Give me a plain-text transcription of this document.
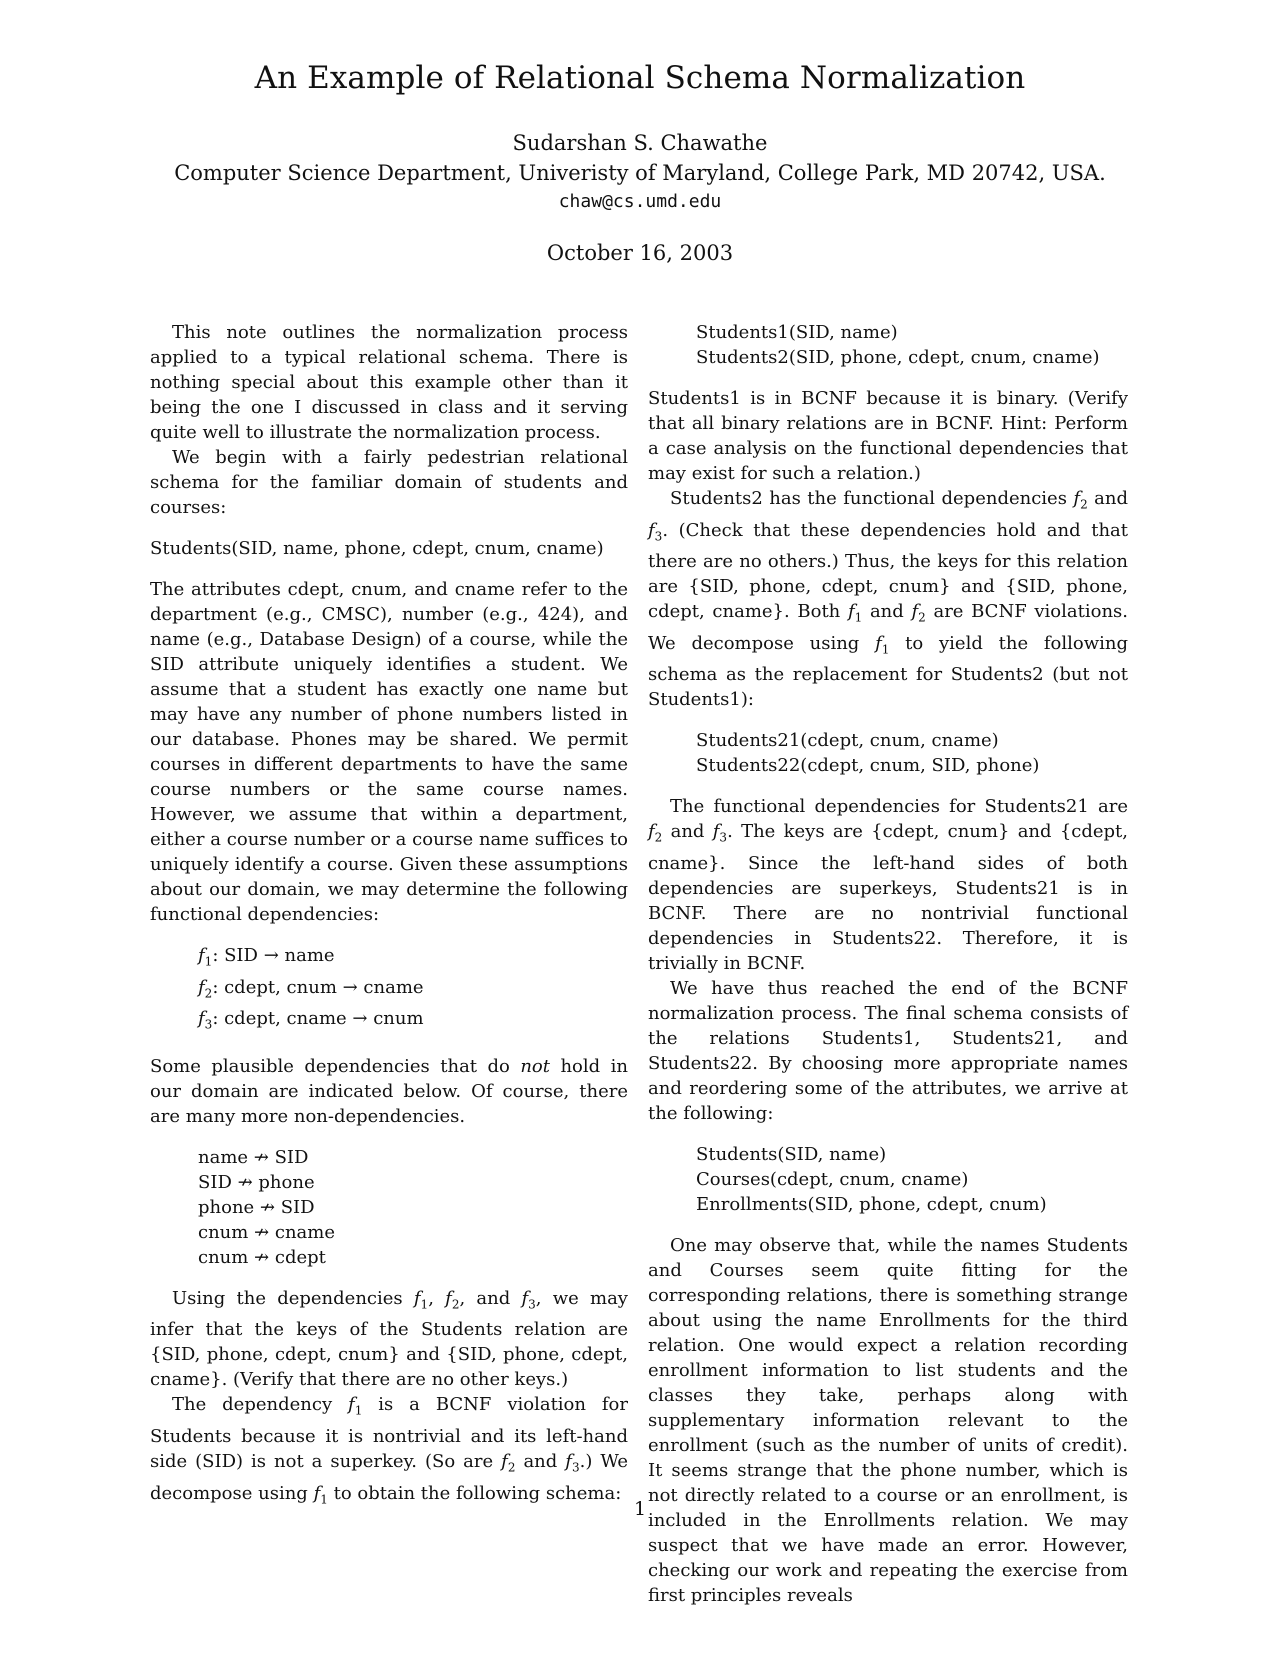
An Example of Relational Schema Normalization
Sudarshan S. Chawathe
Computer Science Department, Univeristy of Maryland, College Park, MD 20742, USA.
chaw@cs.umd.edu
October 16, 2003

This note outlines the normalization process applied to a typical relational schema. There is nothing special about this example other than it being the one I discussed in class and it serving quite well to illustrate the normalization process.

We begin with a fairly pedestrian relational schema for the familiar domain of students and courses:

Students(SID, name, phone, cdept, cnum, cname)

The attributes cdept, cnum, and cname refer to the department (e.g., CMSC), number (e.g., 424), and name (e.g., Database Design) of a course, while the SID attribute uniquely identifies a student. We assume that a student has exactly one name but may have any number of phone numbers listed in our database. Phones may be shared. We permit courses in different departments to have the same course numbers or the same course names. However, we assume that within a department, either a course number or a course name suffices to uniquely identify a course. Given these assumptions about our domain, we may determine the following functional dependencies:

$f_1$: SID → name

$f_2$: cdept, cnum → cname

$f_3$: cdept, cname → cnum

Some plausible dependencies that do not hold in our domain are indicated below. Of course, there are many more non-dependencies.

name ↛ SID

SID ↛ phone

phone ↛ SID

cnum ↛ cname

cnum ↛ cdept

Using the dependencies $f_1$, $f_2$, and $f_3$, we may infer that the keys of the Students relation are {SID, phone, cdept, cnum} and {SID, phone, cdept, cname}. (Verify that there are no other keys.)

The dependency $f_1$ is a BCNF violation for Students because it is nontrivial and its left-hand side (SID) is not a superkey. (So are $f_2$ and $f_3$.) We decompose using $f_1$ to obtain the following schema:

Students1(SID, name)

Students2(SID, phone, cdept, cnum, cname)

Students1 is in BCNF because it is binary. (Verify that all binary relations are in BCNF. Hint: Perform a case analysis on the functional dependencies that may exist for such a relation.)

Students2 has the functional dependencies $f_2$ and $f_3$. (Check that these dependencies hold and that there are no others.) Thus, the keys for this relation are {SID, phone, cdept, cnum} and {SID, phone, cdept, cname}. Both $f_1$ and $f_2$ are BCNF violations. We decompose using $f_1$ to yield the following schema as the replacement for Students2 (but not Students1):

Students21(cdept, cnum, cname)

Students22(cdept, cnum, SID, phone)

The functional dependencies for Students21 are $f_2$ and $f_3$. The keys are {cdept, cnum} and {cdept, cname}. Since the left-hand sides of both dependencies are superkeys, Students21 is in BCNF. There are no nontrivial functional dependencies in Students22. Therefore, it is trivially in BCNF.

We have thus reached the end of the BCNF normalization process. The final schema consists of the relations Students1, Students21, and Students22. By choosing more appropriate names and reordering some of the attributes, we arrive at the following:

Students(SID, name)

Courses(cdept, cnum, cname)

Enrollments(SID, phone, cdept, cnum)

One may observe that, while the names Students and Courses seem quite fitting for the corresponding relations, there is something strange about using the name Enrollments for the third relation. One would expect a relation recording enrollment information to list students and the classes they take, perhaps along with supplementary information relevant to the enrollment (such as the number of units of credit). It seems strange that the phone number, which is not directly related to a course or an enrollment, is included in the Enrollments relation. We may suspect that we have made an error. However, checking our work and repeating the exercise from first principles reveals

1
